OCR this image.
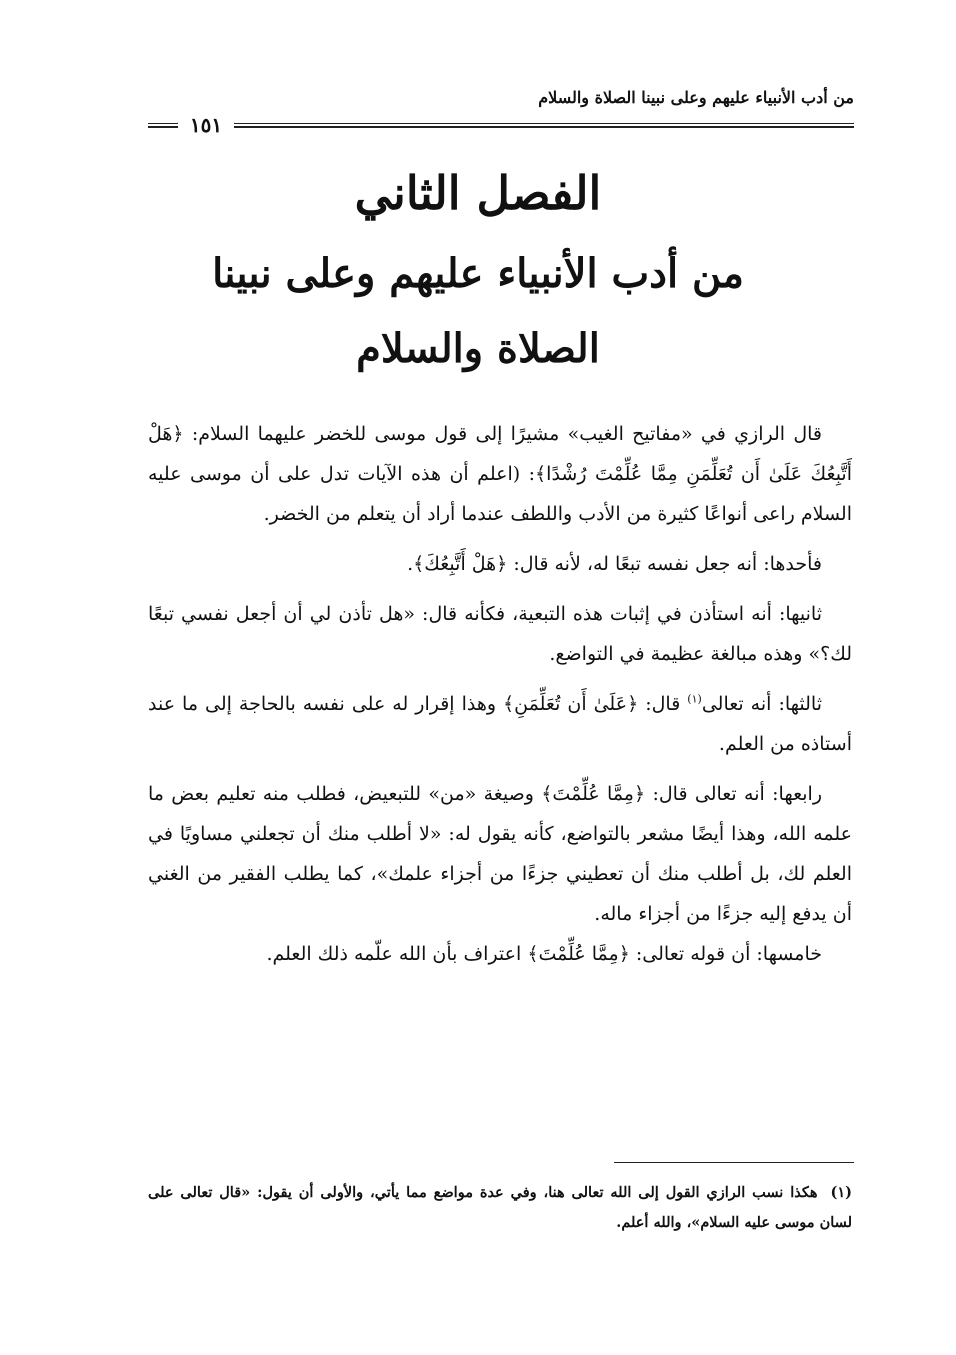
من أدب الأنبياء عليهم وعلى نبينا الصلاة والسلام
١٥١
الفصل الثاني
من أدب الأنبياء عليهم وعلى نبينا
الصلاة والسلام

قال الرازي في «مفاتيح الغيب» مشيرًا إلى قول موسى للخضر عليهما السلام: ﴿هَلْ أَتَّبِعُكَ عَلَىٰ أَن تُعَلِّمَنِ مِمَّا عُلِّمْتَ رُشْدًا﴾: (اعلم أن هذه الآيات تدل على أن موسى عليه السلام راعى أنواعًا كثيرة من الأدب واللطف عندما أراد أن يتعلم من الخضر.

فأحدها: أنه جعل نفسه تبعًا له، لأنه قال: ﴿هَلْ أَتَّبِعُكَ﴾.

ثانيها: أنه استأذن في إثبات هذه التبعية، فكأنه قال: «هل تأذن لي أن أجعل نفسي تبعًا لك؟» وهذه مبالغة عظيمة في التواضع.

ثالثها: أنه تعالى$^{(١)}$ قال: ﴿عَلَىٰ أَن تُعَلِّمَنِ﴾ وهذا إقرار له على نفسه بالحاجة إلى ما عند أستاذه من العلم.

رابعها: أنه تعالى قال: ﴿مِمَّا عُلِّمْتَ﴾ وصيغة «من» للتبعيض، فطلب منه تعليم بعض ما علمه الله، وهذا أيضًا مشعر بالتواضع، كأنه يقول له: «لا أطلب منك أن تجعلني مساويًا في العلم لك، بل أطلب منك أن تعطيني جزءًا من أجزاء علمك»، كما يطلب الفقير من الغني أن يدفع إليه جزءًا من أجزاء ماله.

خامسها: أن قوله تعالى: ﴿مِمَّا عُلِّمْتَ﴾ اعتراف بأن الله علّمه ذلك العلم.

(١) هكذا نسب الرازي القول إلى الله تعالى هنا، وفي عدة مواضع مما يأتي، والأولى أن يقول: «قال تعالى على لسان موسى عليه السلام»، والله أعلم.
